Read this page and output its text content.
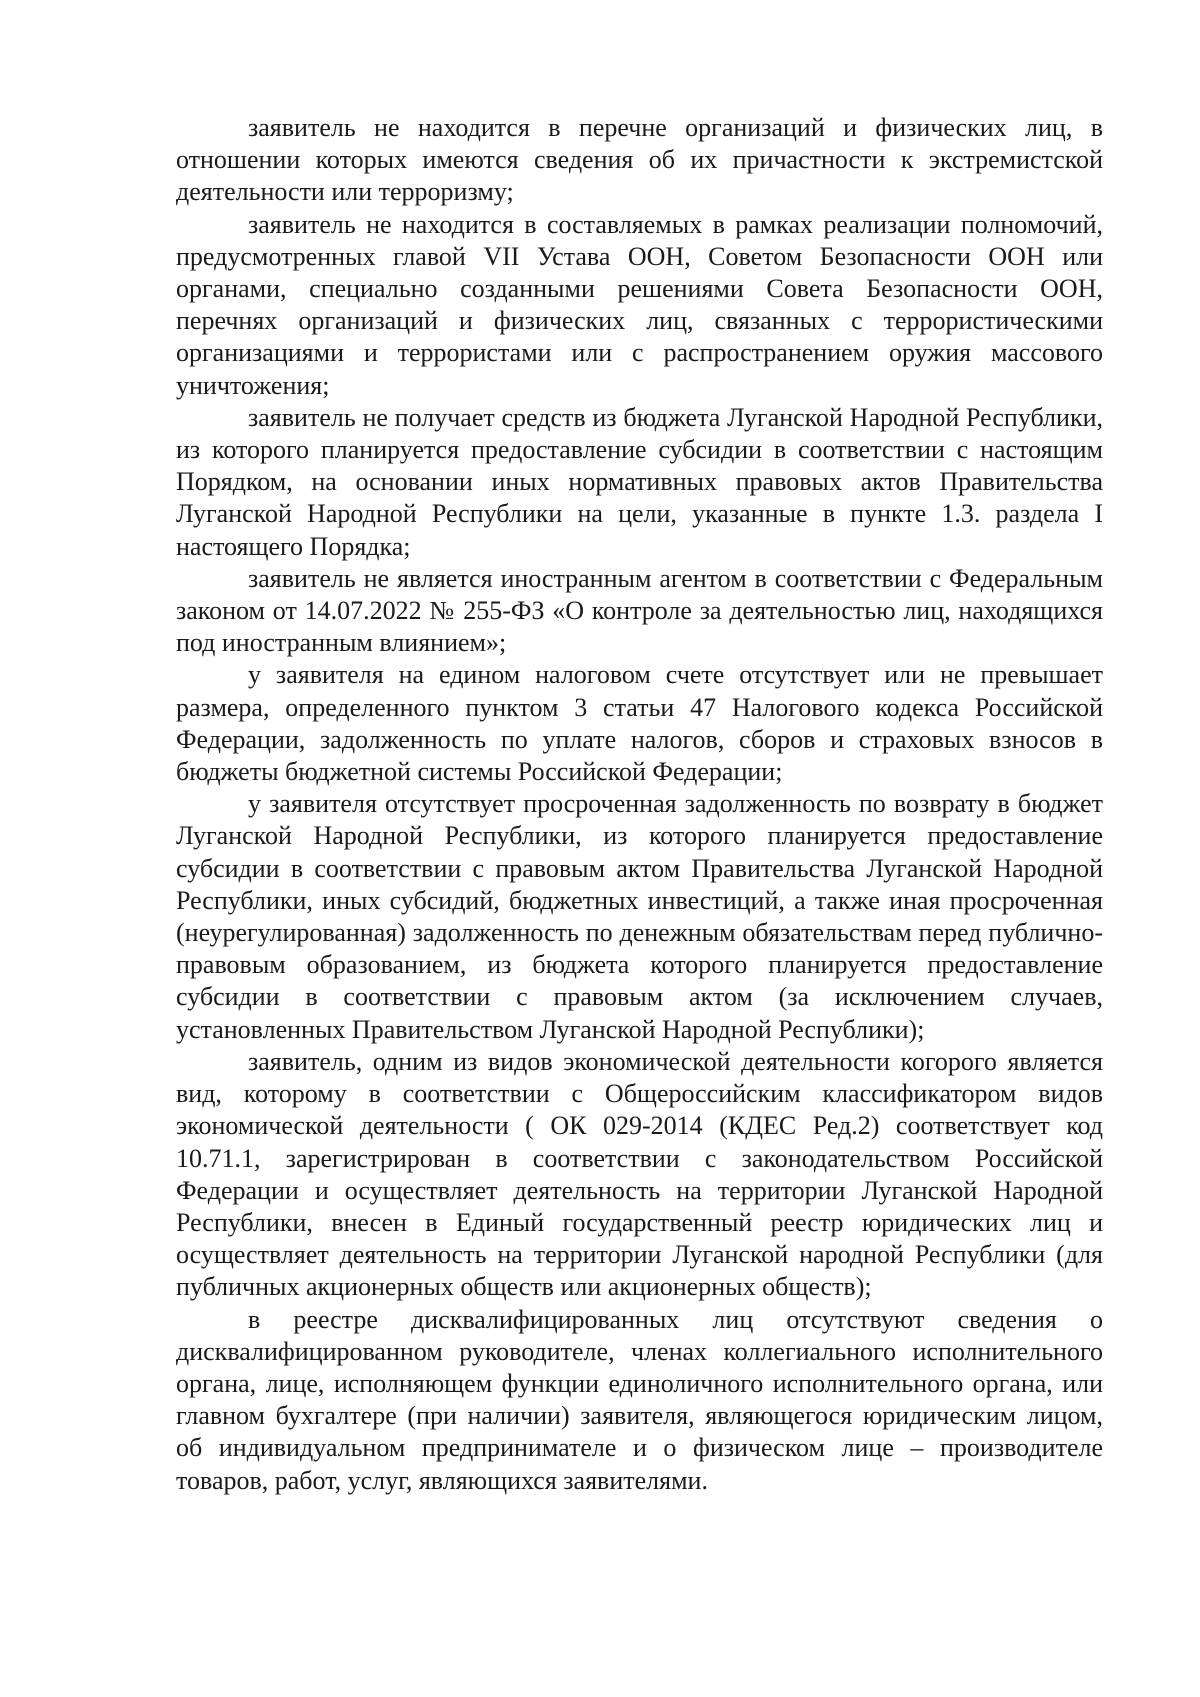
заявитель не находится в перечне организаций и физических лиц, в отношении которых имеются сведения об их причастности к экстремистской деятельности или терроризму;

заявитель не находится в составляемых в рамках реализации полномочий, предусмотренных главой VII Устава ООН, Советом Безопасности ООН или органами, специально созданными решениями Совета Безопасности ООН, перечнях организаций и физических лиц, связанных с террористическими организациями и террористами или с распространением оружия массового уничтожения;

заявитель не получает средств из бюджета Луганской Народной Республики, из которого планируется предоставление субсидии в соответствии с настоящим Порядком, на основании иных нормативных правовых актов Правительства Луганской Народной Республики на цели, указанные в пункте 1.3. раздела I настоящего Порядка;

заявитель не является иностранным агентом в соответствии с Федеральным законом от 14.07.2022 № 255-ФЗ «О контроле за деятельностью лиц, находящихся под иностранным влиянием»;

у заявителя на едином налоговом счете отсутствует или не превышает размера, определенного пунктом 3 статьи 47 Налогового кодекса Российской Федерации, задолженность по уплате налогов, сборов и страховых взносов в бюджеты бюджетной системы Российской Федерации;

у заявителя отсутствует просроченная задолженность по возврату в бюджет Луганской Народной Республики, из которого планируется предоставление субсидии в соответствии с правовым актом Правительства Луганской Народной Республики, иных субсидий, бюджетных инвестиций, а также иная просроченная (неурегулированная) задолженность по денежным обязательствам перед публично-правовым образованием, из бюджета которого планируется предоставление субсидии в соответствии с правовым актом (за исключением случаев, установленных Правительством Луганской Народной Республики);

заявитель, одним из видов экономической деятельности когорого является вид, которому в соответствии с Общероссийским классификатором видов экономической деятельности ( ОК 029-2014 (КДЕС Ред.2) соответствует код 10.71.1, зарегистрирован в соответствии с законодательством Российской Федерации и осуществляет деятельность на территории Луганской Народной Республики, внесен в Единый государственный реестр юридических лиц и осуществляет деятельность на территории Луганской народной Республики (для публичных акционерных обществ или акционерных обществ);

в реестре дисквалифицированных лиц отсутствуют сведения о дисквалифицированном руководителе, членах коллегиального исполнительного органа, лице, исполняющем функции единоличного исполнительного органа, или главном бухгалтере (при наличии) заявителя, являющегося юридическим лицом, об индивидуальном предпринимателе и о физическом лице – производителе товаров, работ, услуг, являющихся заявителями.
